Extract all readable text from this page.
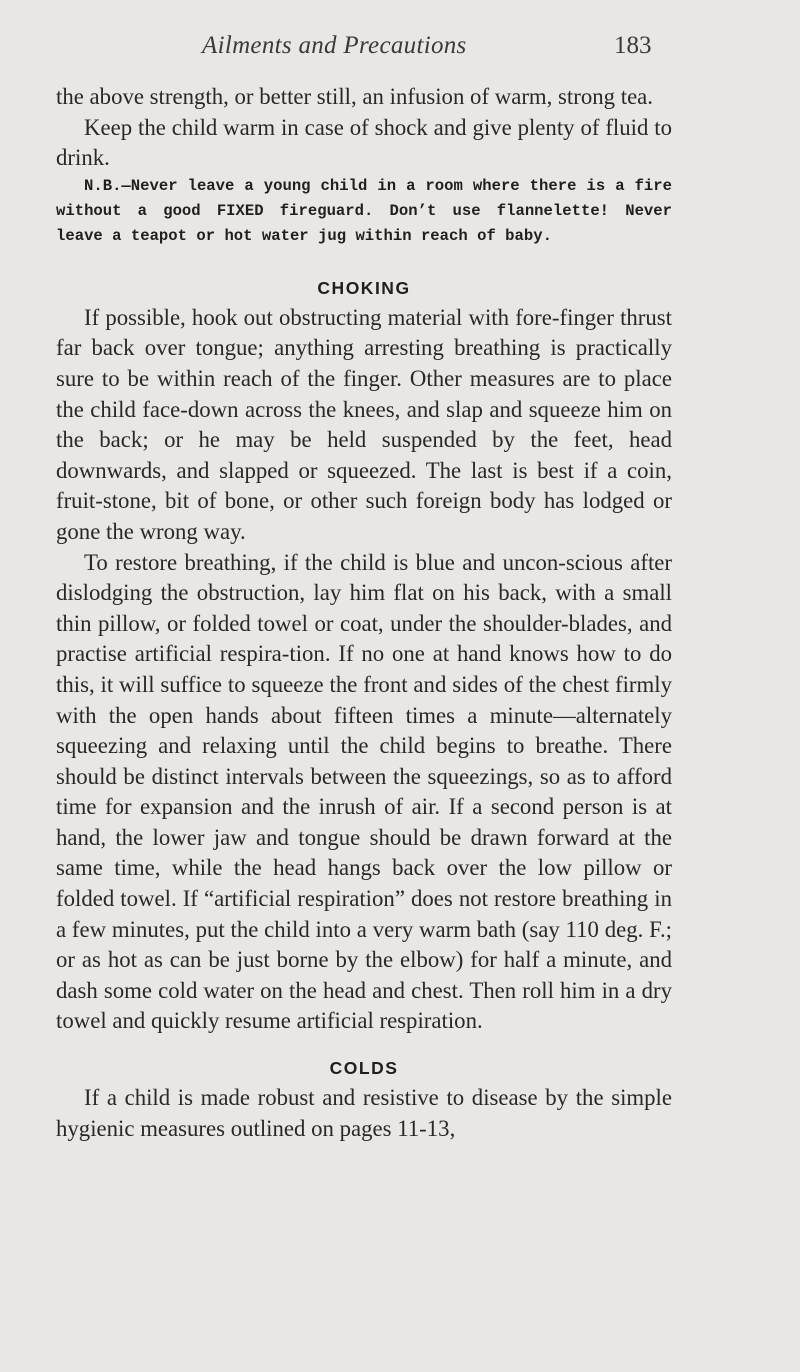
Ailments and Precautions	183

the above strength, or better still, an infusion of warm, strong tea.

Keep the child warm in case of shock and give plenty of fluid to drink.

N.B.—Never leave a young child in a room where there is a fire without a good FIXED fireguard. Don’t use flannelette! Never leave a teapot or hot water jug within reach of baby.

CHOKING

If possible, hook out obstructing material with fore-finger thrust far back over tongue; anything arresting breathing is practically sure to be within reach of the finger. Other measures are to place the child face-down across the knees, and slap and squeeze him on the back; or he may be held suspended by the feet, head downwards, and slapped or squeezed. The last is best if a coin, fruit-stone, bit of bone, or other such foreign body has lodged or gone the wrong way.

To restore breathing, if the child is blue and uncon-scious after dislodging the obstruction, lay him flat on his back, with a small thin pillow, or folded towel or coat, under the shoulder-blades, and practise artificial respira-tion. If no one at hand knows how to do this, it will suffice to squeeze the front and sides of the chest firmly with the open hands about fifteen times a minute—alternately squeezing and relaxing until the child begins to breathe. There should be distinct intervals between the squeezings, so as to afford time for expansion and the inrush of air. If a second person is at hand, the lower jaw and tongue should be drawn forward at the same time, while the head hangs back over the low pillow or folded towel. If “artificial respiration” does not restore breathing in a few minutes, put the child into a very warm bath (say 110 deg. F.; or as hot as can be just borne by the elbow) for half a minute, and dash some cold water on the head and chest. Then roll him in a dry towel and quickly resume artificial respiration.

COLDS

If a child is made robust and resistive to disease by the simple hygienic measures outlined on pages 11-13,
